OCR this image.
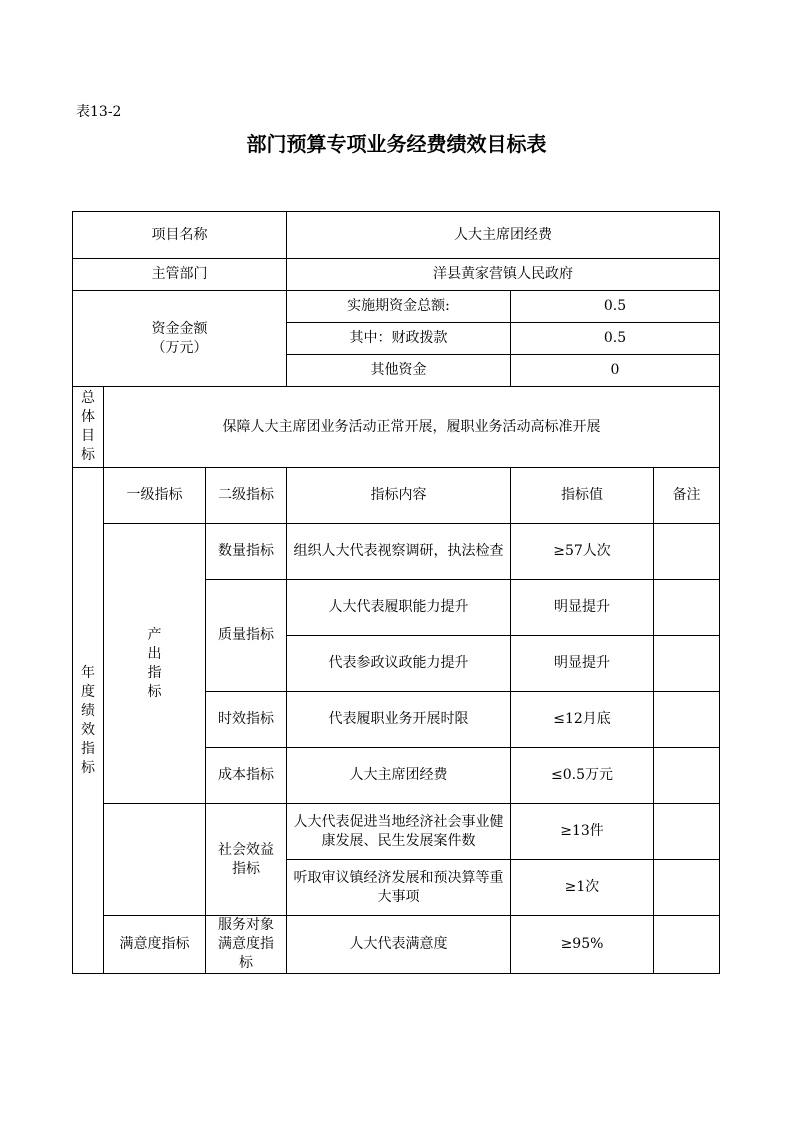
表13-2
部门预算专项业务经费绩效目标表
项目名称			人大主席团经费		
主管部门			洋县黄家营镇人民政府		

资金金额
（万元）			实施期资金总额:	0.5	
			其中：财政拨款	0.5	
			其他资金	0	
总体目标	保障人大主席团业务活动正常开展，履职业务活动高标准开展				
年度绩效指标	一级指标	二级指标	指标内容	指标值	备注
	产出指标	数量指标	组织人大代表视察调研，执法检查	≥57人次	
		质量指标	人大代表履职能力提升	明显提升	
			代表参政议政能力提升	明显提升	
		时效指标	代表履职业务开展时限	≤12月底	
		成本指标	人大主席团经费	≤0.5万元	
		社会效益指标	人大代表促进当地经济社会事业健康发展、民生发展案件数	≥13件	
			听取审议镇经济发展和预决算等重大事项	≥1次	
	满意度指标	服务对象满意度指标	人大代表满意度	≥95%	
